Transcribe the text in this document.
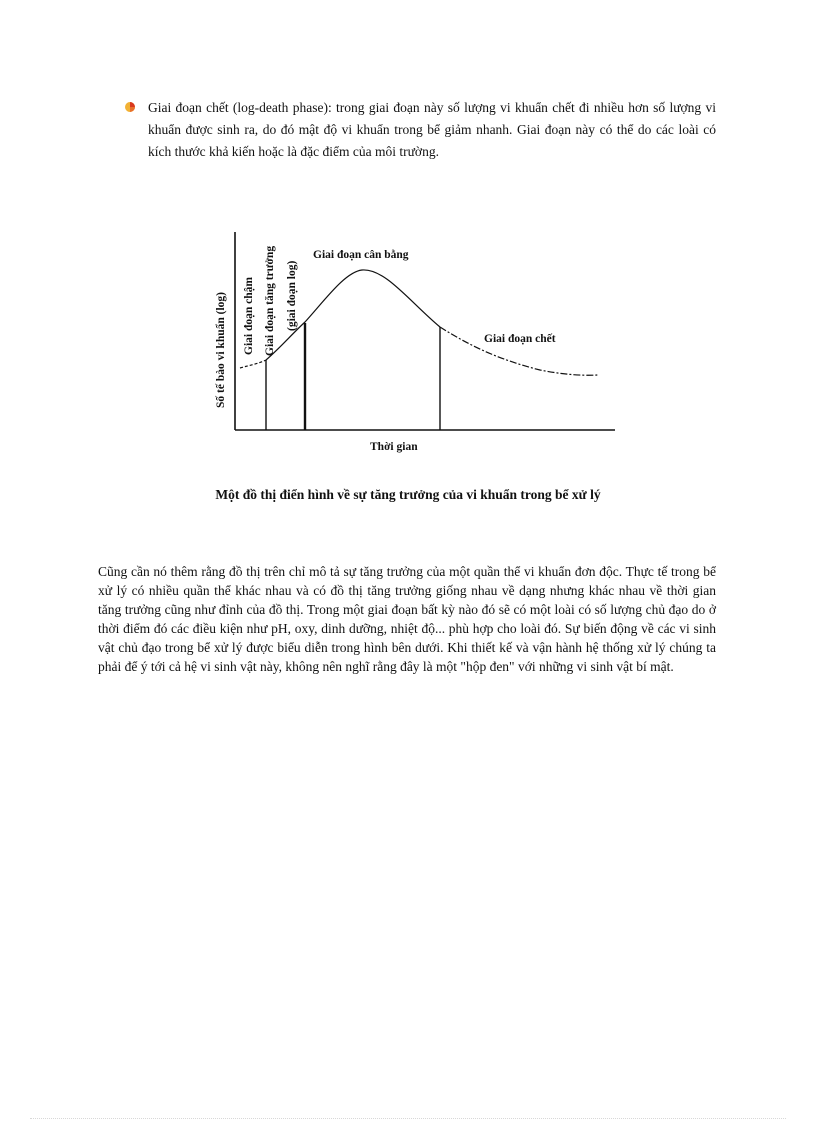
Giai đoạn chết (log-death phase): trong giai đoạn này số lượng vi khuẩn chết đi nhiều hơn số lượng vi khuẩn được sinh ra, do đó mật độ vi khuẩn trong bể giảm nhanh. Giai đoạn này có thể do các loài có kích thước khả kiến hoặc là đặc điểm của môi trường.

Số tế bào vi khuẩn (log) Giai đoạn chậm Giai đoạn tăng trưởng (giai đoạn log)
Giai đoạn cân bằng
Giai đoạn chết
Thời gian
Một đồ thị điển hình về sự tăng trưởng của vi khuẩn trong bể xử lý

Cũng cần nó thêm rằng đồ thị trên chỉ mô tả sự tăng trưởng của một quần thể vi khuẩn đơn độc. Thực tế trong bể xử lý có nhiều quần thể khác nhau và có đồ thị tăng trưởng giống nhau về dạng nhưng khác nhau về thời gian tăng trưởng cũng như đỉnh của đồ thị. Trong một giai đoạn bất kỳ nào đó sẽ có một loài có số lượng chủ đạo do ở thời điểm đó các điều kiện như pH, oxy, dinh dưỡng, nhiệt độ... phù hợp cho loài đó. Sự biến động về các vi sinh vật chủ đạo trong bể xử lý được biểu diễn trong hình bên dưới. Khi thiết kế và vận hành hệ thống xử lý chúng ta phải để ý tới cả hệ vi sinh vật này, không nên nghĩ rằng đây là một "hộp đen" với những vi sinh vật bí mật.
